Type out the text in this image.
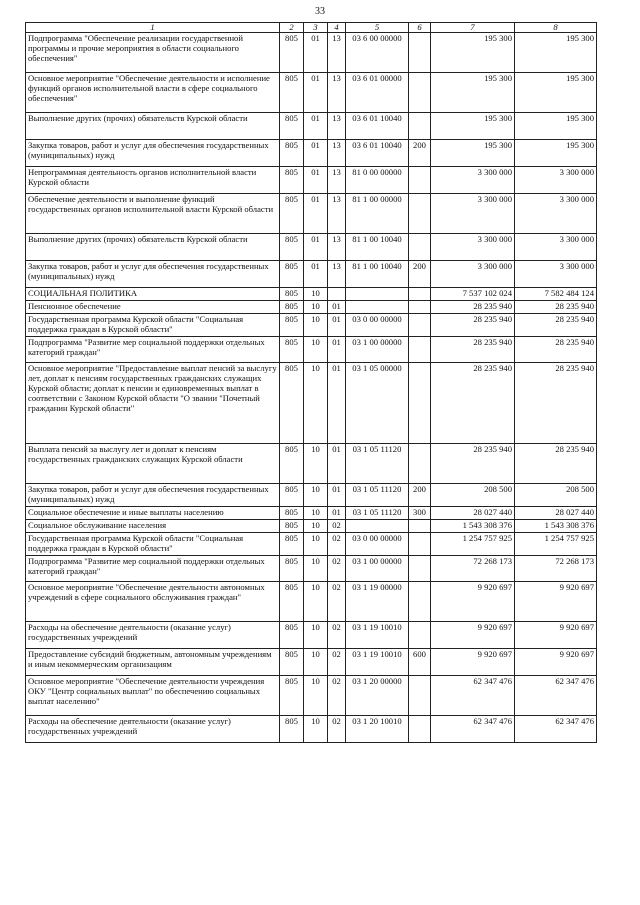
33
1	2	3	4	5	6	7	8
Подпрограмма "Обеспечение реализации государственной программы и прочие мероприятия в области социального обеспечения"	805	01	13	03 6 00 00000		195 300	195 300
Основное мероприятие "Обеспечение деятельности и исполнение функций органов исполнительной власти в сфере социального обеспечения"	805	01	13	03 6 01 00000		195 300	195 300
Выполнение других (прочих) обязательств Курской области	805	01	13	03 6 01 10040		195 300	195 300
Закупка товаров, работ и услуг для обеспечения государственных (муниципальных) нужд	805	01	13	03 6 01 10040	200	195 300	195 300
Непрограммная деятельность органов исполнительной власти Курской области	805	01	13	81 0 00 00000		3 300 000	3 300 000
Обеспечение деятельности и выполнение функций государственных органов исполнительной власти Курской области	805	01	13	81 1 00 00000		3 300 000	3 300 000
Выполнение других (прочих) обязательств Курской области	805	01	13	81 1 00 10040		3 300 000	3 300 000
Закупка товаров, работ и услуг для обеспечения государственных (муниципальных) нужд	805	01	13	81 1 00 10040	200	3 300 000	3 300 000
СОЦИАЛЬНАЯ ПОЛИТИКА	805	10				7 537 102 024	7 582 484 124
Пенсионное обеспечение	805	10	01			28 235 940	28 235 940
Государственная программа Курской области "Социальная поддержка граждан в Курской области"	805	10	01	03 0 00 00000		28 235 940	28 235 940
Подпрограмма "Развитие мер социальной поддержки отдельных категорий граждан"	805	10	01	03 1 00 00000		28 235 940	28 235 940
Основное мероприятие "Предоставление выплат пенсий за выслугу лет, доплат к пенсиям государственных гражданских служащих Курской области; доплат к пенсии и единовременных выплат в соответствии с Законом Курской области "О звании "Почетный гражданин Курской области"	805	10	01	03 1 05 00000		28 235 940	28 235 940
Выплата пенсий за выслугу лет и доплат к пенсиям государственных гражданских служащих Курской области	805	10	01	03 1 05 11120		28 235 940	28 235 940
Закупка товаров, работ и услуг для обеспечения государственных (муниципальных) нужд	805	10	01	03 1 05 11120	200	208 500	208 500
Социальное обеспечение и иные выплаты населению	805	10	01	03 1 05 11120	300	28 027 440	28 027 440
Социальное обслуживание населения	805	10	02			1 543 308 376	1 543 308 376
Государственная программа Курской области "Социальная поддержка граждан в Курской области"	805	10	02	03 0 00 00000		1 254 757 925	1 254 757 925
Подпрограмма "Развитие мер социальной поддержки отдельных категорий граждан"	805	10	02	03 1 00 00000		72 268 173	72 268 173
Основное мероприятие "Обеспечение деятельности автономных учреждений в сфере социального обслуживания граждан"	805	10	02	03 1 19 00000		9 920 697	9 920 697
Расходы на обеспечение деятельности (оказание услуг) государственных учреждений	805	10	02	03 1 19 10010		9 920 697	9 920 697
Предоставление субсидий бюджетным, автономным учреждениям и иным некоммерческим организациям	805	10	02	03 1 19 10010	600	9 920 697	9 920 697
Основное мероприятие "Обеспечение деятельности учреждения ОКУ "Центр социальных выплат" по обеспечению социальных выплат населению"	805	10	02	03 1 20 00000		62 347 476	62 347 476
Расходы на обеспечение деятельности (оказание услуг) государственных учреждений	805	10	02	03 1 20 10010		62 347 476	62 347 476
